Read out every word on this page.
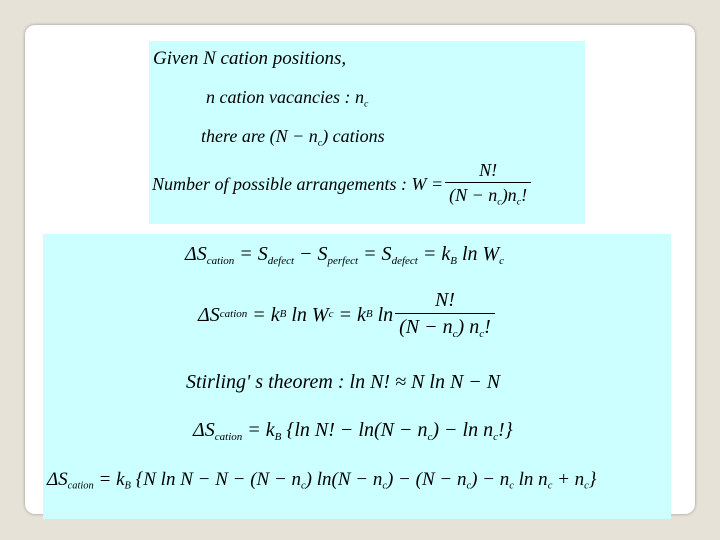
Given N cation positions,
n cation vacancies : $n_c$
there are $(N - n_c)$ cations
Number of possible arrangements : $W = \frac{N!}{(N - n_c)n_c!}$
$\Delta S_{cation} = S_{defect} - S_{perfect} = S_{defect} = k_B$ $\ln W_c$
ΔS cation
= k B
ln W c
= k B
$\ln \frac{N!}{(N - n_c) n_c!}$
Stirling' s theorem : ln N! ≈ N ln N − N
$\Delta S_{cation} = k_B$ {ln N! − $\ln(N - n_c) - \ln n_c$!}
$\Delta S_{cation} = k_B$ {N $\ln N - N - (N - n_c)$ $\ln(N - n_c) - (N - n_c) - n_c$ $\ln n_c + n_c$}
